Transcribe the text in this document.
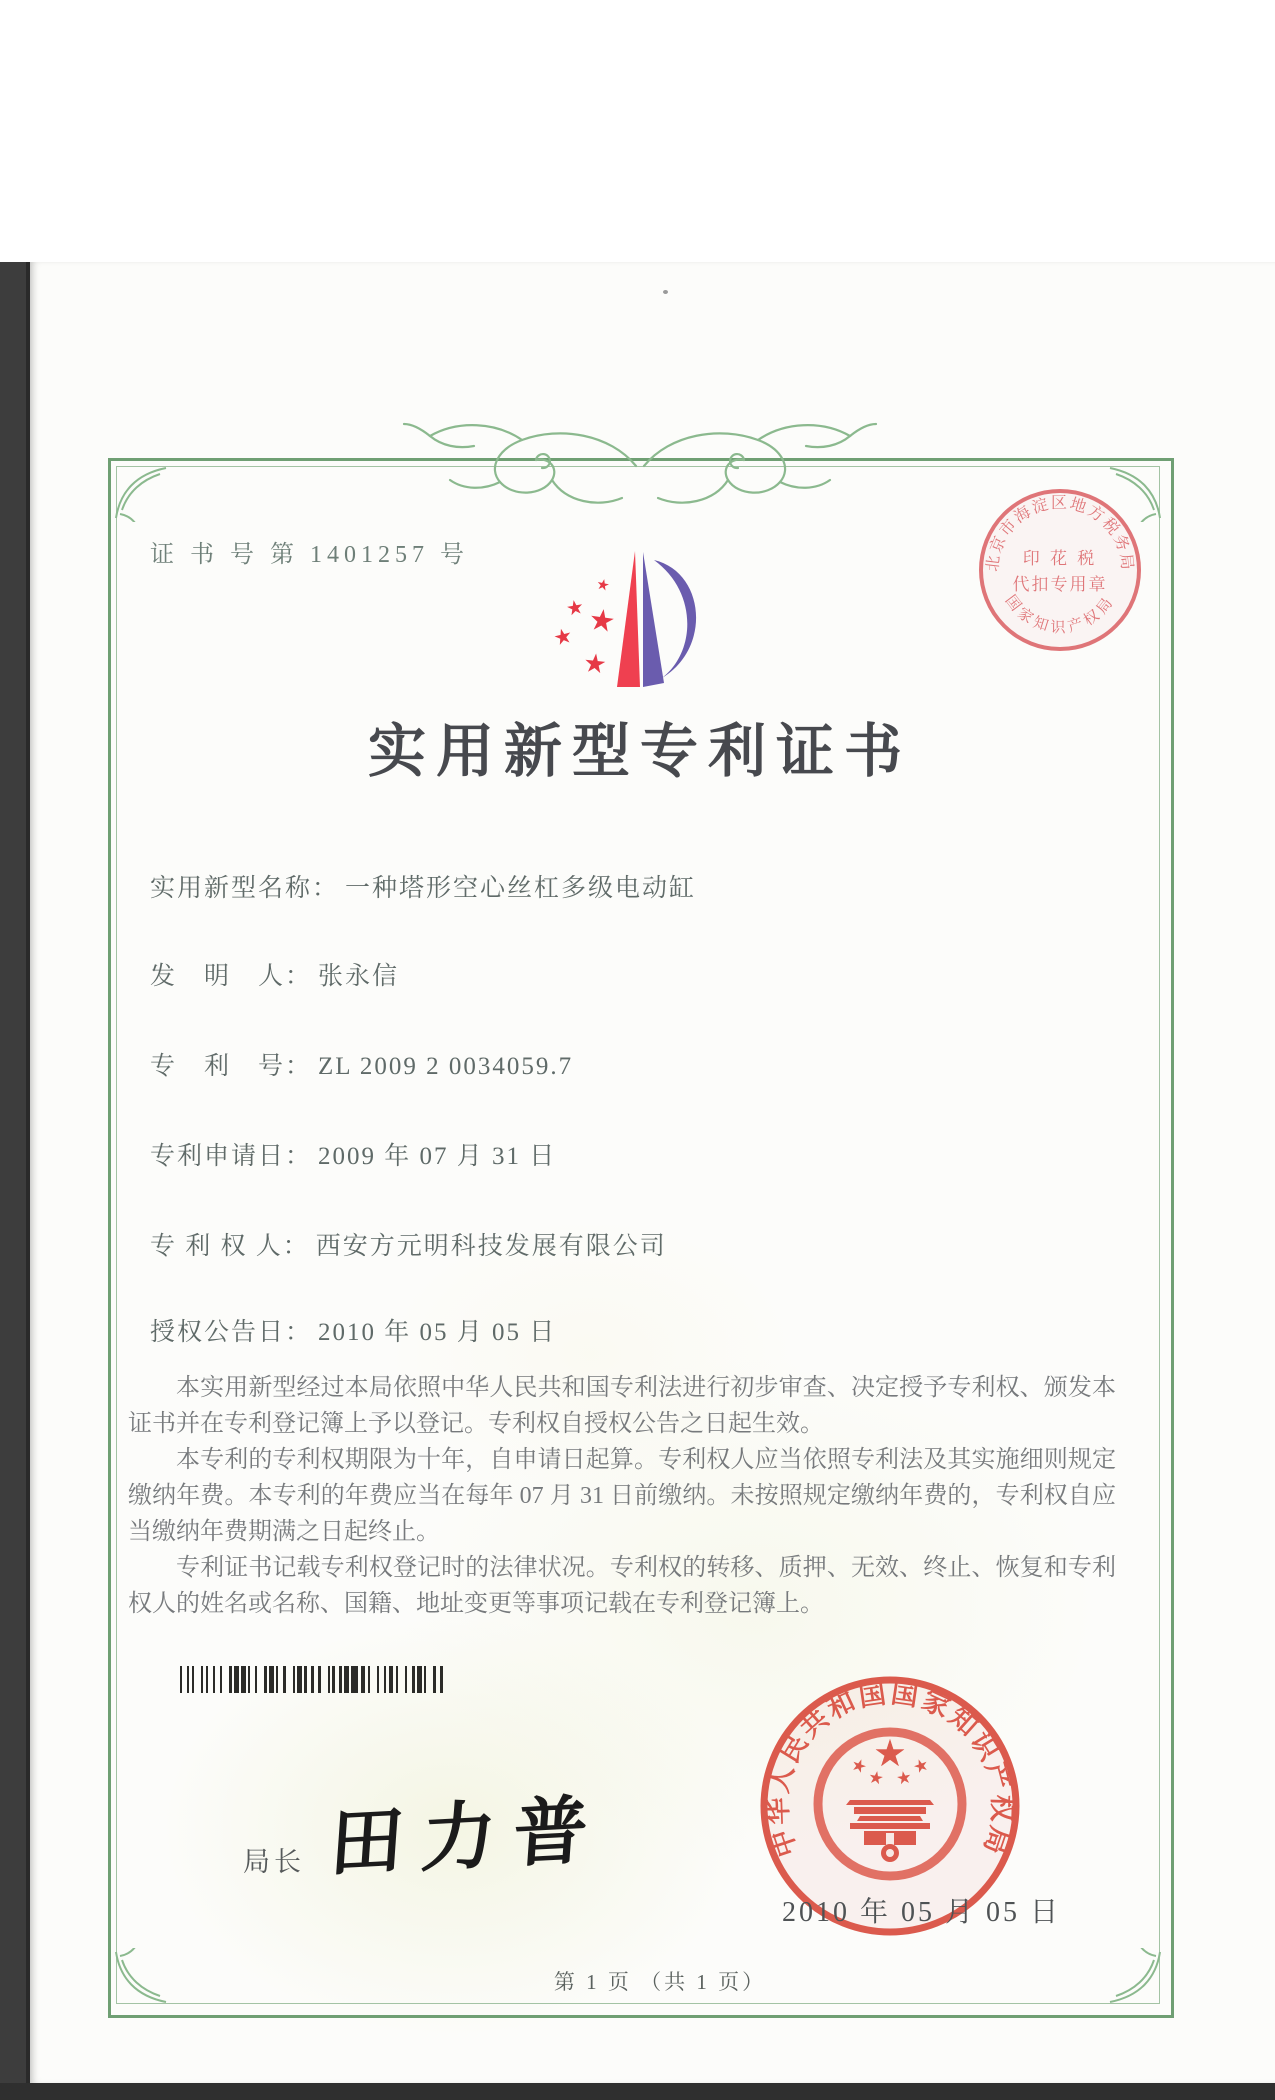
证 书 号 第 1401257 号
实用新型专利证书
北京市海淀区地方税务局
国家知识产权局
印 花 税
代扣专用章
实用新型名称： 一种塔形空心丝杠多级电动缸
发　明　人： 张永信
专　利　号： ZL 2009 2 0034059.7
专利申请日： 2009 年 07 月 31 日
专 利 权 人： 西安方元明科技发展有限公司
授权公告日： 2010 年 05 月 05 日

本实用新型经过本局依照中华人民共和国专利法进行初步审查、决定授予专利权、颁发本证书并在专利登记簿上予以登记。专利权自授权公告之日起生效。

本专利的专利权期限为十年，自申请日起算。专利权人应当依照专利法及其实施细则规定缴纳年费。本专利的年费应当在每年 07 月 31 日前缴纳。未按照规定缴纳年费的，专利权自应当缴纳年费期满之日起终止。

专利证书记载专利权登记时的法律状况。专利权的转移、质押、无效、终止、恢复和专利权人的姓名或名称、国籍、地址变更等事项记载在专利登记簿上。

局长 田力普	中华人民共和国国家知识产权局
2010 年 05 月 05 日
第 1 页 （共 1 页）
